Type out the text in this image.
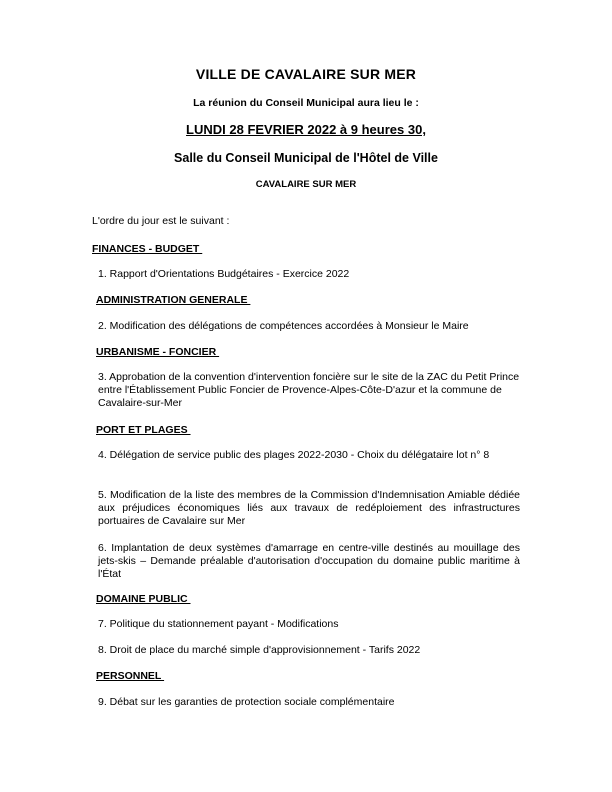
VILLE DE CAVALAIRE SUR MER
La réunion du Conseil Municipal aura lieu le :
LUNDI 28 FEVRIER 2022 à 9 heures 30,
Salle du Conseil Municipal de l'Hôtel de Ville
CAVALAIRE SUR MER
L'ordre du jour est le suivant :
FINANCES - BUDGET
1. Rapport d'Orientations Budgétaires - Exercice 2022
ADMINISTRATION GENERALE
2. Modification des délégations de compétences accordées à Monsieur le Maire
URBANISME - FONCIER
3. Approbation de la convention d'intervention foncière sur le site de la ZAC du Petit Prince entre l'Établissement Public Foncier de Provence-Alpes-Côte-D'azur et la commune de Cavalaire-sur-Mer
PORT ET PLAGES
4. Délégation de service public des plages 2022-2030 - Choix du délégataire lot n° 8
5. Modification de la liste des membres de la Commission d'Indemnisation Amiable dédiée aux préjudices économiques liés aux travaux de redéploiement des infrastructures portuaires de Cavalaire sur Mer
6. Implantation de deux systèmes d'amarrage en centre-ville destinés au mouillage des jets-skis – Demande préalable d'autorisation d'occupation du domaine public maritime à l'État
DOMAINE PUBLIC
7. Politique du stationnement payant - Modifications
8. Droit de place du marché simple d'approvisionnement - Tarifs 2022
PERSONNEL
9. Débat sur les garanties de protection sociale complémentaire
